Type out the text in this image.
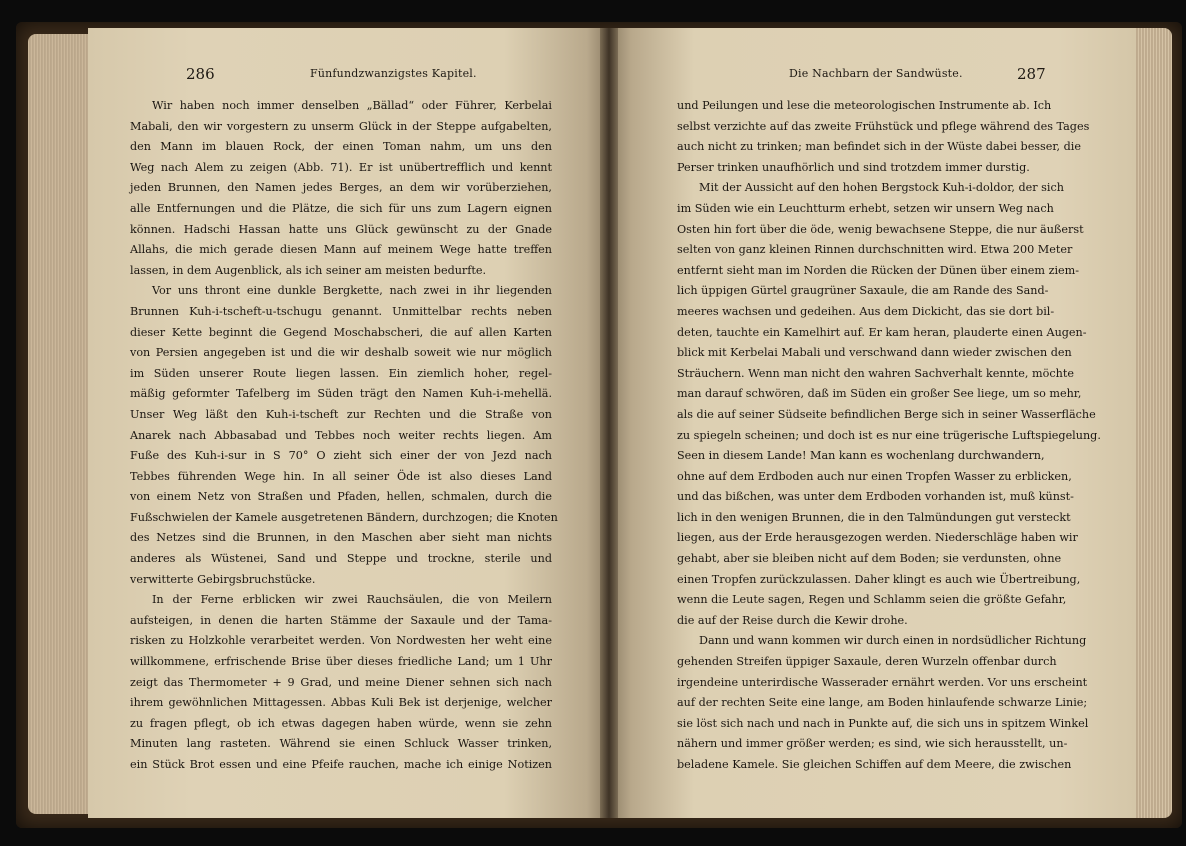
286	Fünfundzwanzigstes Kapitel.	Die Nachbarn der Sandwüste.	287
Wir haben noch immer denselben „Bällad“ oder Führer, Kerbelai
Mabali, den wir vorgestern zu unserm Glück in der Steppe aufgabelten,
den Mann im blauen Rock, der einen Toman nahm, um uns den
Weg nach Alem zu zeigen (Abb. 71). Er ist unübertrefflich und kennt
jeden Brunnen, den Namen jedes Berges, an dem wir vorüberziehen,
alle Entfernungen und die Plätze, die sich für uns zum Lagern eignen
können. Hadschi Hassan hatte uns Glück gewünscht zu der Gnade
Allahs, die mich gerade diesen Mann auf meinem Wege hatte treffen
lassen, in dem Augenblick, als ich seiner am meisten bedurfte.
Vor uns thront eine dunkle Bergkette, nach zwei in ihr liegenden
Brunnen Kuh-i-tscheft-u-tschugu genannt. Unmittelbar rechts neben
dieser Kette beginnt die Gegend Moschabscheri, die auf allen Karten
von Persien angegeben ist und die wir deshalb soweit wie nur möglich
im Süden unserer Route liegen lassen. Ein ziemlich hoher, regel-
mäßig geformter Tafelberg im Süden trägt den Namen Kuh-i-mehellä.
Unser Weg läßt den Kuh-i-tscheft zur Rechten und die Straße von
Anarek nach Abbasabad und Tebbes noch weiter rechts liegen. Am
Fuße des Kuh-i-sur in S 70° O zieht sich einer der von Jezd nach
Tebbes führenden Wege hin. In all seiner Öde ist also dieses Land
von einem Netz von Straßen und Pfaden, hellen, schmalen, durch die
Fußschwielen der Kamele ausgetretenen Bändern, durchzogen; die Knoten
des Netzes sind die Brunnen, in den Maschen aber sieht man nichts
anderes als Wüstenei, Sand und Steppe und trockne, sterile und
verwitterte Gebirgsbruchstücke.
In der Ferne erblicken wir zwei Rauchsäulen, die von Meilern
aufsteigen, in denen die harten Stämme der Saxaule und der Tama-
risken zu Holzkohle verarbeitet werden. Von Nordwesten her weht eine
willkommene, erfrischende Brise über dieses friedliche Land; um 1 Uhr
zeigt das Thermometer + 9 Grad, und meine Diener sehnen sich nach
ihrem gewöhnlichen Mittagessen. Abbas Kuli Bek ist derjenige, welcher
zu fragen pflegt, ob ich etwas dagegen haben würde, wenn sie zehn
Minuten lang rasteten. Während sie einen Schluck Wasser trinken,
ein Stück Brot essen und eine Pfeife rauchen, mache ich einige Notizen
und Peilungen und lese die meteorologischen Instrumente ab. Ich
selbst verzichte auf das zweite Frühstück und pflege während des Tages
auch nicht zu trinken; man befindet sich in der Wüste dabei besser, die
Perser trinken unaufhörlich und sind trotzdem immer durstig.
Mit der Aussicht auf den hohen Bergstock Kuh-i-doldor, der sich
im Süden wie ein Leuchtturm erhebt, setzen wir unsern Weg nach
Osten hin fort über die öde, wenig bewachsene Steppe, die nur äußerst
selten von ganz kleinen Rinnen durchschnitten wird. Etwa 200 Meter
entfernt sieht man im Norden die Rücken der Dünen über einem ziem-
lich üppigen Gürtel graugrüner Saxaule, die am Rande des Sand-
meeres wachsen und gedeihen. Aus dem Dickicht, das sie dort bil-
deten, tauchte ein Kamelhirt auf. Er kam heran, plauderte einen Augen-
blick mit Kerbelai Mabali und verschwand dann wieder zwischen den
Sträuchern. Wenn man nicht den wahren Sachverhalt kennte, möchte
man darauf schwören, daß im Süden ein großer See liege, um so mehr,
als die auf seiner Südseite befindlichen Berge sich in seiner Wasserfläche
zu spiegeln scheinen; und doch ist es nur eine trügerische Luftspiegelung.
Seen in diesem Lande! Man kann es wochenlang durchwandern,
ohne auf dem Erdboden auch nur einen Tropfen Wasser zu erblicken,
und das bißchen, was unter dem Erdboden vorhanden ist, muß künst-
lich in den wenigen Brunnen, die in den Talmündungen gut versteckt
liegen, aus der Erde herausgezogen werden. Niederschläge haben wir
gehabt, aber sie bleiben nicht auf dem Boden; sie verdunsten, ohne
einen Tropfen zurückzulassen. Daher klingt es auch wie Übertreibung,
wenn die Leute sagen, Regen und Schlamm seien die größte Gefahr,
die auf der Reise durch die Kewir drohe.
Dann und wann kommen wir durch einen in nordsüdlicher Richtung
gehenden Streifen üppiger Saxaule, deren Wurzeln offenbar durch
irgendeine unterirdische Wasserader ernährt werden. Vor uns erscheint
auf der rechten Seite eine lange, am Boden hinlaufende schwarze Linie;
sie löst sich nach und nach in Punkte auf, die sich uns in spitzem Winkel
nähern und immer größer werden; es sind, wie sich herausstellt, un-
beladene Kamele. Sie gleichen Schiffen auf dem Meere, die zwischen
